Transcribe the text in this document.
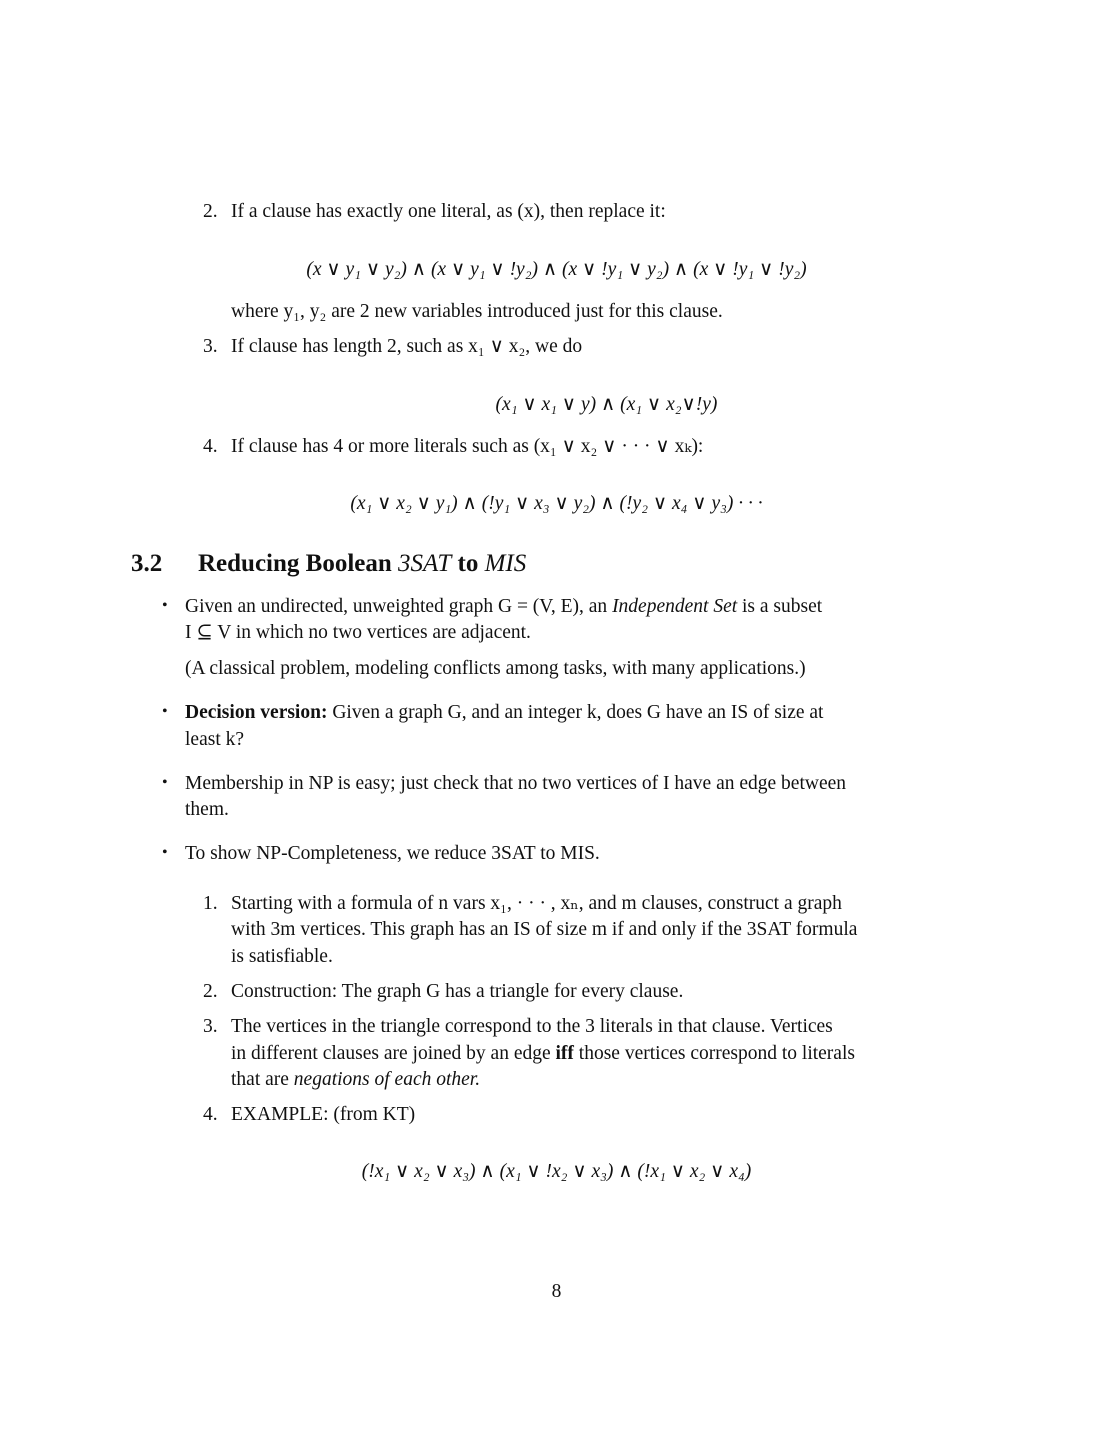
2. If a clause has exactly one literal, as (x), then replace it:
(x ∨ y₁ ∨ y₂) ∧ (x ∨ y₁ ∨ !y₂) ∧ (x ∨ !y₁ ∨ y₂) ∧ (x ∨ !y₁ ∨ !y₂)
where y₁, y₂ are 2 new variables introduced just for this clause.
3. If clause has length 2, such as x₁ ∨ x₂, we do
(x₁ ∨ x₁ ∨ y) ∧ (x₁ ∨ x₂∨!y)
4. If clause has 4 or more literals such as (x₁ ∨ x₂ ∨ · · · ∨ xₖ):
(x₁ ∨ x₂ ∨ y₁) ∧ (!y₁ ∨ x₃ ∨ y₂) ∧ (!y₂ ∨ x₄ ∨ y₃) · · ·
3.2 Reducing Boolean 3SAT to MIS
• Given an undirected, unweighted graph G = (V, E), an Independent Set is a subset
I ⊆ V in which no two vertices are adjacent.
(A classical problem, modeling conflicts among tasks, with many applications.)
• Decision version: Given a graph G, and an integer k, does G have an IS of size at
least k?
• Membership in NP is easy; just check that no two vertices of I have an edge between
them.
• To show NP-Completeness, we reduce 3SAT to MIS.
1. Starting with a formula of n vars x₁, · · · , xₙ, and m clauses, construct a graph
with 3m vertices. This graph has an IS of size m if and only if the 3SAT formula
is satisfiable.
2. Construction: The graph G has a triangle for every clause.
3. The vertices in the triangle correspond to the 3 literals in that clause. Vertices
in different clauses are joined by an edge iff those vertices correspond to literals
that are negations of each other.
4. EXAMPLE: (from KT)
(!x₁ ∨ x₂ ∨ x₃) ∧ (x₁ ∨ !x₂ ∨ x₃) ∧ (!x₁ ∨ x₂ ∨ x₄)
8
